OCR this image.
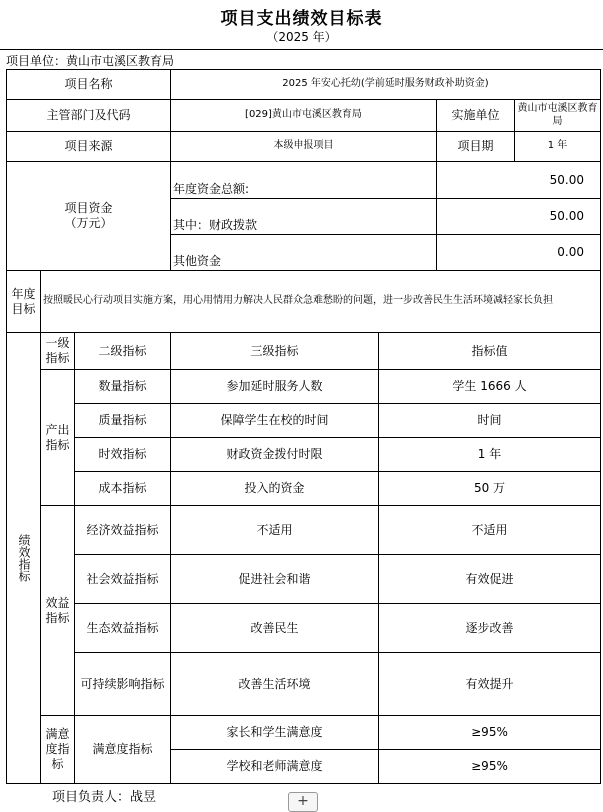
项目支出绩效目标表
（2025 年）
项目单位：黄山市屯溪区教育局
项目名称			2025 年安心托幼(学前延时服务财政补助资金)			
主管部门及代码			[029]黄山市屯溪区教育局		实施单位	黄山市屯溪区教育局
项目来源			本级申报项目		项目期	1 年
项目资金
（万元）			年度资金总额:		50.00	
			其中：财政拨款		50.00	
			其他资金		0.00	
年度目标	按照暖民心行动项目实施方案，用心用情用力解决人民群众急难愁盼的问题，进一步改善民生生活环境减轻家长负担					
绩效指标	一级指标	二级指标	三级指标	指标值		
	产出指标	数量指标	参加延时服务人数	学生 1666 人		
		质量指标	保障学生在校的时间	时间		
		时效指标	财政资金拨付时限	1 年		
		成本指标	投入的资金	50 万		
	效益指标	经济效益指标	不适用	不适用		
		社会效益指标	促进社会和谐	有效促进		
		生态效益指标	改善民生	逐步改善		
		可持续影响指标	改善生活环境	有效提升		
	满意度指标	满意度指标	家长和学生满意度	≥95%		
			学校和老师满意度	≥95%		
项目负责人：战昱	+
